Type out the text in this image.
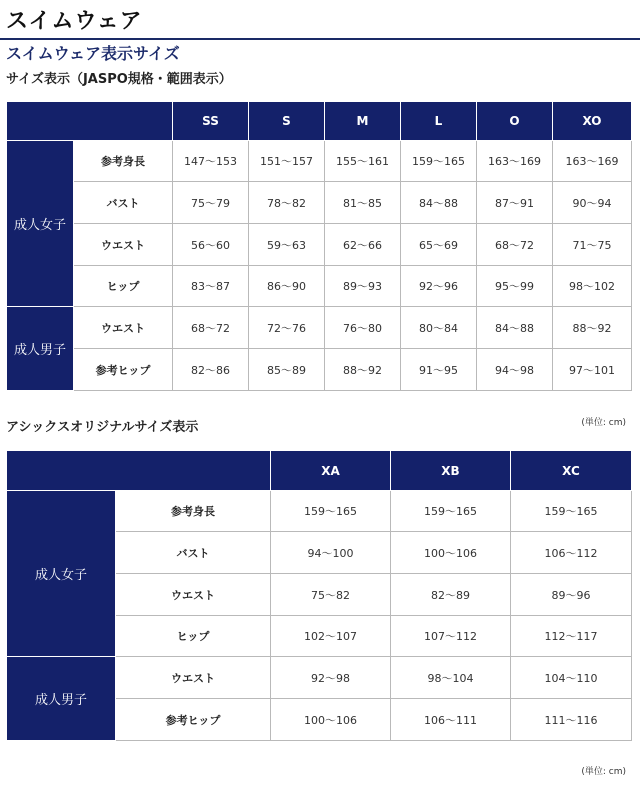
スイムウェア
スイムウェア表示サイズ
サイズ表示（JASPO規格・範囲表示）
		SS	S	M	L	O	XO
成人女子	参考身長	147～153	151～157	155～161	159～165	163～169	163～169
	バスト	75～79	78～82	81～85	84～88	87～91	90～94
	ウエスト	56～60	59～63	62～66	65～69	68～72	71～75
	ヒップ	83～87	86～90	89～93	92～96	95～99	98～102
成人男子	ウエスト	68～72	72～76	76～80	80～84	84～88	88～92
	参考ヒップ	82～86	85～89	88～92	91～95	94～98	97～101
アシックスオリジナルサイズ表示	(単位: cm)
		XA	XB	XC
成人女子	参考身長	159～165	159～165	159～165
	バスト	94～100	100～106	106～112
	ウエスト	75～82	82～89	89～96
	ヒップ	102～107	107～112	112～117
成人男子	ウエスト	92～98	98～104	104～110
	参考ヒップ	100～106	106～111	111～116
(単位: cm)
